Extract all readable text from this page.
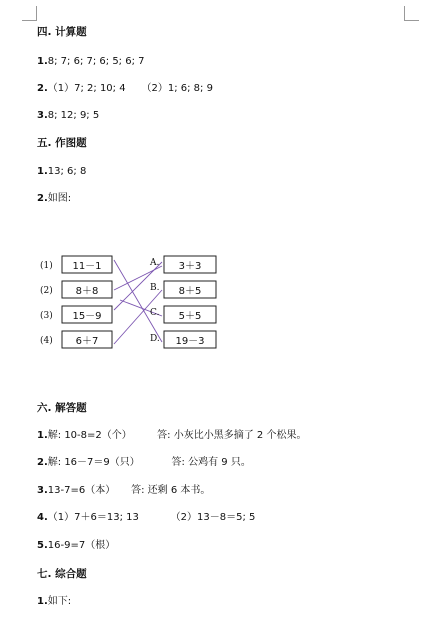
四. 计算题
1.8; 7; 6; 7; 6; 5; 6; 7
2.（1）7; 2; 10; 4     （2）1; 6; 8; 9
3.8; 12; 9; 5
五. 作图题
1.13; 6; 8
2.如图:
(1) 11－1
(2) 8＋8
(3) 15－9
(4) 6＋7
A. 3＋3
B. 8＋5
C. 5＋5
D. 19－3
六. 解答题
1.解: 10-8=2（个）        答: 小灰比小黑多摘了 2 个松果。
2.解: 16－7＝9（只）          答: 公鸡有 9 只。
3.13-7=6（本）     答: 还剩 6 本书。
4.（1）7＋6＝13; 13          （2）13－8＝5; 5
5.16-9=7（根）
七. 综合题
1.如下:
